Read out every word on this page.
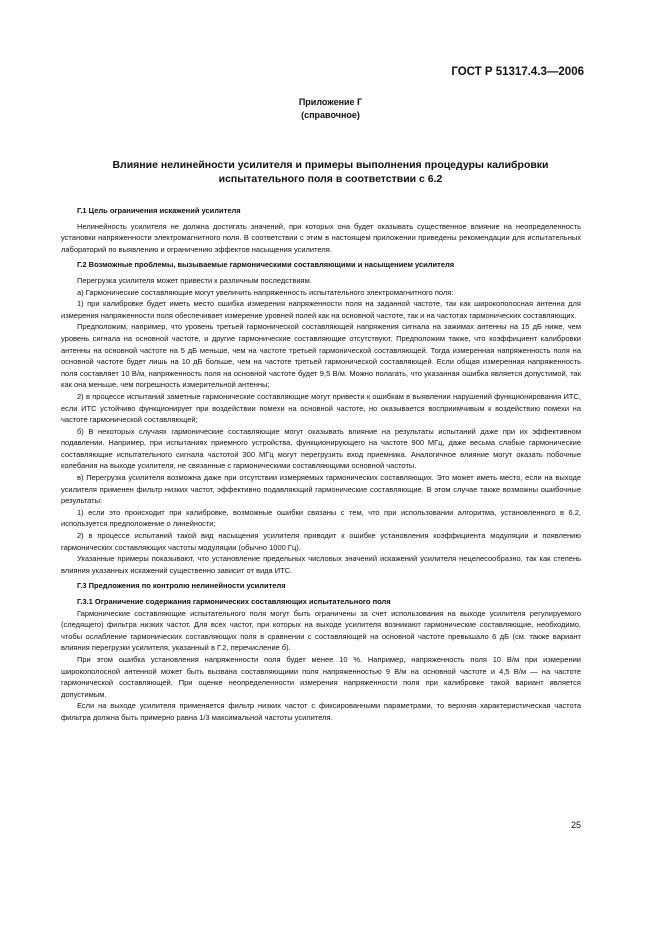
ГОСТ Р 51317.4.3—2006
Приложение Г
(справочное)
Влияние нелинейности усилителя и примеры выполнения процедуры калибровки
испытательного поля в соответствии с 6.2

Г.1 Цель ограничения искажений усилителя

Нелинейность усилителя не должна достигать значений, при которых она будет оказывать существенное влияние на неопределенность установки напряженности электромагнитного поля. В соответствии с этим в настоящем приложении приведены рекомендации для испытательных лабораторий по выявлению и ограничению эффектов насыщения усилителя.

Г.2 Возможные проблемы, вызываемые гармоническими составляющими и насыщением усилителя

Перегрузка усилителя может привести к различным последствиям.

а) Гармонические составляющие могут увеличить напряженность испытательного электромагнитного поля:

1) при калибровке будет иметь место ошибка измерения напряженности поля на заданной частоте, так как широкополосная антенна для измерения напряженности поля обеспечивает измерение уровней полей как на основной частоте, так и на частотах гармонических составляющих.

Предположим, например, что уровень третьей гармонической составляющей напряжения сигнала на зажимах антенны на 15 дБ ниже, чем уровень сигнала на основной частоте, и другие гармонические составляющие отсутствуют. Предположим также, что коэффициент калибровки антенны на основной частоте на 5 дБ меньше, чем на частоте третьей гармонической составляющей. Тогда измеренная напряженность поля на основной частоте будет лишь на 10 дБ больше, чем на частоте третьей гармонической составляющей. Если общая измеренная напряженность поля составляет 10 В/м, напряженность поля на основной частоте будет 9,5 В/м. Можно полагать, что указанная ошибка является допустимой, так как она меньше, чем погрешность измерительной антенны;

2) в процессе испытаний заметные гармонические составляющие могут привести к ошибкам в выявлении нарушений функционирования ИТС, если ИТС устойчиво функционирует при воздействии помехи на основной частоте, но оказывается восприимчивым к воздействию помехи на частоте гармонической составляющей;

б) В некоторых случаях гармонические составляющие могут оказывать влияние на результаты испытаний даже при их эффективном подавлении. Например, при испытаниях приемного устройства, функционирующего на частоте 900 МГц, даже весьма слабые гармонические составляющие испытательного сигнала частотой 300 МГц могут перегрузить вход приемника. Аналогичное влияние могут оказать побочные колебания на выходе усилителя, не связанные с гармоническими составляющими основной частоты.

в) Перегрузка усилителя возможна даже при отсутствии измеряемых гармонических составляющих. Это может иметь место, если на выходе усилителя применен фильтр низких частот, эффективно подавляющий гармонические составляющие. В этом случае также возможны ошибочные результаты:

1) если это происходит при калибровке, возможные ошибки связаны с тем, что при использовании алгоритма, установленного в 6.2, используется предположение о линейности;

2) в процессе испытаний такой вид насыщения усилителя приводит к ошибке установления коэффициента модуляции и появлению гармонических составляющих частоты модуляции (обычно 1000 Гц).

Указанные примеры показывают, что установление предельных числовых значений искажений усилителя нецелесообразно, так как степень влияния указанных искажений существенно зависит от вида ИТС.

Г.3 Предложения по контролю нелинейности усилителя

Г.3.1 Ограничение содержания гармонических составляющих испытательного поля

Гармонические составляющие испытательного поля могут быть ограничены за счет использования на выходе усилителя регулируемого (следящего) фильтра низких частот. Для всех частот, при которых на выходе усилителя возникают гармонические составляющие, необходимо, чтобы ослабление гармонических составляющих поля в сравнении с составляющей на основной частоте превышало 6 дБ (см. также вариант влияния перегрузки усилителя, указанный в Г.2, перечисление б).

При этом ошибка установления напряженности поля будет менее 10 %. Например, напряженность поля 10 В/м при измерении широкополосной антенной может быть вызвана составляющими поля напряженностью 9 В/м на основной частоте и 4,5 В/м — на частоте гармонической составляющей. При оценке неопределенности измерения напряженности поля при калибровке такой вариант является допустимым.

Если на выходе усилителя применяется фильтр низких частот с фиксированными параметрами, то верхняя характеристическая частота фильтра должна быть примерно равна 1/3 максимальной частоты усилителя.

25
